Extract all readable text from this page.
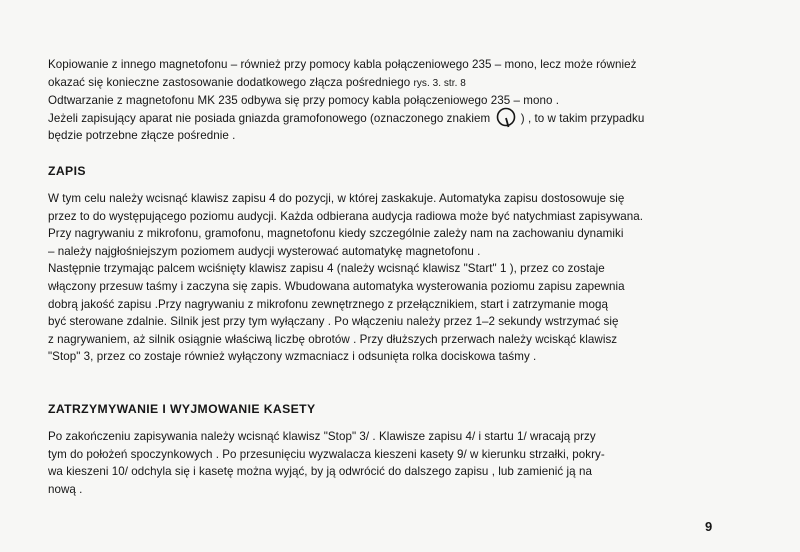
Kopiowanie z innego magnetofonu – również przy pomocy kabla połączeniowego 235 – mono, lecz może również
okazać się konieczne zastosowanie dodatkowego złącza pośredniego rys. 3. str. 8
Odtwarzanie z magnetofonu MK 235 odbywa się przy pomocy kabla połączeniowego 235 – mono .
Jeżeli zapisujący aparat nie posiada gniazda gramofonowego (oznaczonego znakiem	) , to w takim przypadku
będzie potrzebne złącze pośrednie .
ZAPIS
W tym celu należy wcisnąć klawisz zapisu 4 do pozycji, w której zaskakuje. Automatyka zapisu dostosowuje się
przez to do występującego poziomu audycji. Każda odbierana audycja radiowa może być natychmiast zapisywana.
Przy nagrywaniu z mikrofonu, gramofonu, magnetofonu kiedy szczególnie zależy nam na zachowaniu dynamiki
– należy najgłośniejszym poziomem audycji wysterować automatykę magnetofonu .
Następnie trzymając palcem wciśnięty klawisz zapisu 4 (należy wcisnąć klawisz "Start" 1 ), przez co zostaje
włączony przesuw taśmy i zaczyna się zapis. Wbudowana automatyka wysterowania poziomu zapisu zapewnia
dobrą jakość zapisu .Przy nagrywaniu z mikrofonu zewnętrznego z przełącznikiem, start i zatrzymanie mogą
być sterowane zdalnie. Silnik jest przy tym wyłączany . Po włączeniu należy przez 1–2 sekundy wstrzymać się
z nagrywaniem, aż silnik osiągnie właściwą liczbę obrotów . Przy dłuższych przerwach należy wciskąć klawisz
"Stop" 3, przez co zostaje również wyłączony wzmacniacz i odsunięta rolka dociskowa taśmy .
ZATRZYMYWANIE I WYJMOWANIE KASETY
Po zakończeniu zapisywania należy wcisnąć klawisz "Stop" 3/ . Klawisze zapisu 4/ i startu 1/ wracają przy
tym do położeń spoczynkowych . Po przesunięciu wyzwalacza kieszeni kasety 9/ w kierunku strzałki, pokry-
wa kieszeni 10/ odchyla się i kasetę można wyjąć, by ją odwrócić do dalszego zapisu , lub zamienić ją na
nową .
9
